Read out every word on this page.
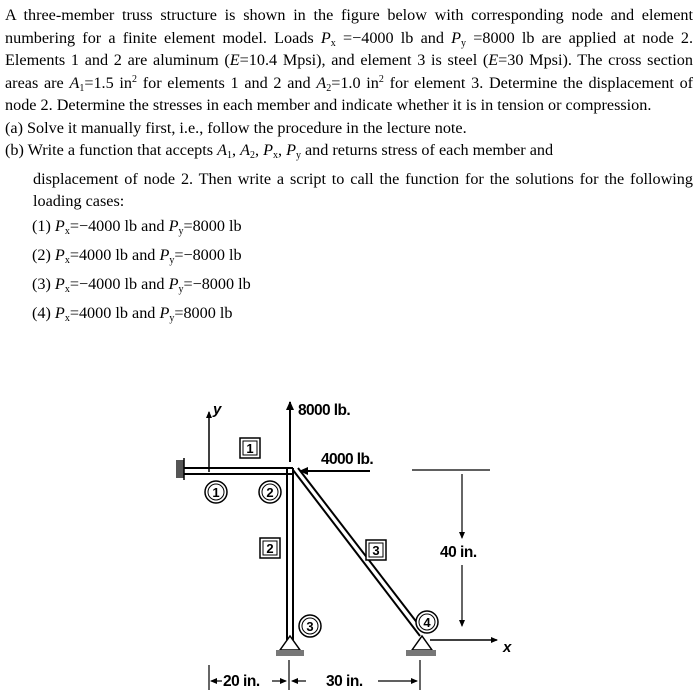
A three-member truss structure is shown in the figure below with corresponding node and element numbering for a finite element model. Loads $P_x =-4000$ lb and $P_y =8000$ lb are applied at node 2. Elements 1 and 2 are aluminum (E=10.4 Mpsi), and element 3 is steel (E=30 Mpsi). The cross section areas are $A_1=1.5$ $in^2$ for elements 1 and 2 and $A_2=1.0$ $in^2$ for element 3. Determine the displacement of node 2. Determine the stresses in each member and indicate whether it is in tension or compression.

(a) Solve it manually first, i.e., follow the procedure in the lecture note.

(b) Write a function that accepts $A_1$, $A_2$, $P_x$, $P_y$ and returns stress of each member and

displacement of node 2. Then write a script to call the function for the solutions for the following loading cases:

(1) $P_x=-4000$ lb and $P_y=8000$ lb

(2) $P_x=4000$ lb and $P_y=-8000$ lb

(3) $P_x=-4000$ lb and $P_y=-8000$ lb

(4) $P_x=4000$ lb and $P_y=8000$ lb

y
x
8000 lb.
4000 lb.
40 in.
20 in.	30 in.
1
2	3
1	2
3	4
